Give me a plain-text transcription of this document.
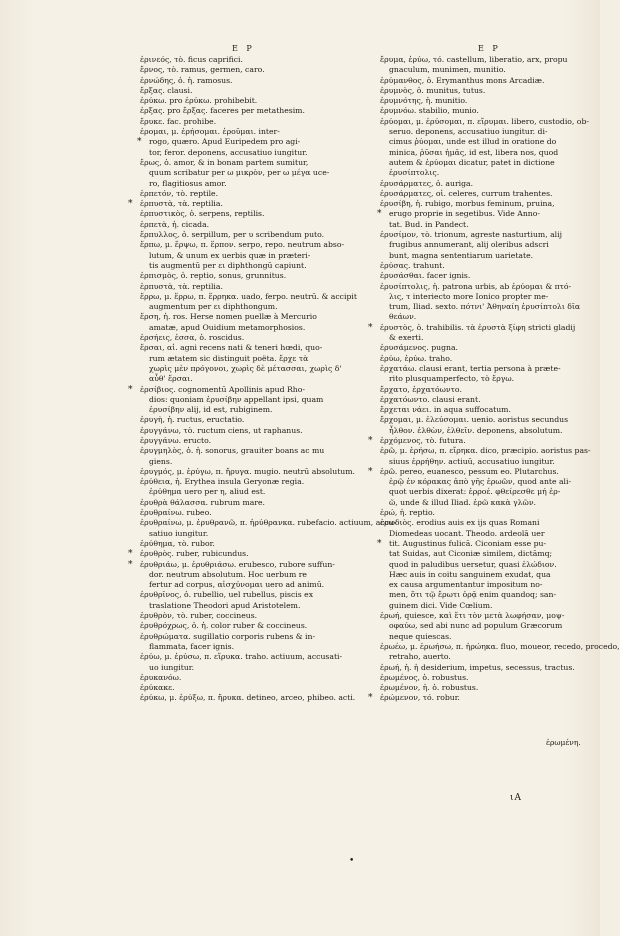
E P	E P
ἐρινεός, τὸ. ficus caprifici.
ἔρνος, τὸ. ramus, germen, caro.
ἐρνώδης, ὁ. ἡ. ramosus.
ἔρξας. clausi.
ἐρύκω. pro ἐρύκω. prohibebit.
ἐρξας. pro ἔρξας. faceres per metathesim.
ἔρυκε. fac. prohibe.
ἐρομαι, μ. ἐρήσομαι. ἐροῦμαι. inter-
* rogo, quæro. Apud Euripedem pro agi-
tor, feror. deponens, accusatiuo iungitur.
ἔρως, ὁ. amor, & in bonam partem sumitur,
quum scribatur per ω μικρὸν, per ω μέγα uce-
ro, flagitiosus amor.
ἑρπετόν, τὸ. reptile.
* ἑρπυστὰ, τὰ. reptilia.
ἑρπυστικὸς, ὁ. serpens, reptilis.
ἑρπετὰ, ἡ. cicada.
ἕρπυλλος, ὁ. serpillum, per υ scribendum puto.
ἕρπω, μ. ἕρψω, π. ἕρπον. serpo, repo. neutrum abso-
lutum, & unum ex uerbis quæ in præteri-
tis augmentū per ει diphthongū capiunt.
ἐρπισμὸς, ὁ. reptio, sonus, grunnitus.
ἑρπυστὰ, τὰ. reptilia.
ἕρρω, μ. ἕρρω, π. ἕρρηκα. uado, ferpo. neutrū. & accipit
augmentum per ει diphthongum.
ἕρση, ἡ. ros. Herse nomen puellæ à Mercurio
amatæ, apud Ouidium metamorphosios.
ἐρσήεις, ἐσσα, ὁ. roscidus.
ἕρσαι, αἱ. agni recens nati & teneri hœdi, quo-
rum ætatem sic distinguit poëta. ἔρχε τὰ
χωρὶς μὲν πρόγονοι, χωρὶς δὲ μέτασσαι, χωρὶς δ'
αὖθ' ἕρσαι.
* ἐρσίβιος. cognomentū Apollinis apud Rho-
dios: quoniam ἐρυσίβην appellant ipsi, quam
ἐρυσίβην alij, id est, rubiginem.
ἐρυγὴ, ἡ. ructus, eructatio.
ἐρυγγάνω, τὸ. ructum ciens, ut raphanus.
ἐρυγγάνω. eructo.
ἐρυγμηλὸς, ὁ. ἡ. sonorus, grauiter boans ac mu
giens.
ἐρυγμός, μ. ἐρύγω, π. ἤρυγα. mugio. neutrū absolutum.
ἐρύθεια, ἡ. Erythea insula Geryonæ regia.
ἐρύθημα uero per η, aliud est.
ἐρυθρὰ θάλασσα. rubrum mare.
ἐρυθραίνω. rubeo.
ἐρυθραίνω, μ. ἐρυθρανῶ, π. ἠρύθρανκα. rubefacio. actiuum, accu-
satiuo iungitur.
ἐρύθημα, τὸ. rubor.
* ἐρυθρὸς. ruber, rubicundus.
* ἐρυθριάω, μ. ἐρυθριάσω. erubesco, rubore suffun-
dor. neutrum absolutum. Hoc uerbum re
fertur ad corpus, αἰσχύνομαι uero ad animū.
ἐρυθρῖνος, ὁ. rubellio, uel rubellus, piscis ex
traslatione Theodori apud Aristotelem.
ἐρυθρὸν, τὸ. ruber, coccineus.
ἐρυθρόχρως, ὁ. ἡ. color ruber & coccineus.
ἐρυθρώματα. sugillatio corporis rubens & in-
flammata, facer ignis.
ἐρύω, μ. ἐρύσω, π. εἴρυκα. traho. actiuum, accusati-
uo iungitur.
ἐρυκανόω.
ἐρύκακε.
ἐρύκω, μ. ἐρύξω, π. ἤρυκα. detineo, arceo, phibeo. acti.
ἔρυμα, ἐρύω, τό. castellum, liberatio, arx, propu
gnaculum, munimen, munitio.
ἐρύμανθος, ὁ. Erymanthus mons Arcadiæ.
ἐρυμνὸς, ὁ. munitus, tutus.
ἐρυμνότης, ἡ. munitio.
ἐρυμνόω. stabilio, munio.
ἐρύομαι, μ. ἐρύσομαι, π. εἴρυμαι. libero, custodio, ob-
seruo. deponens, accusatiuo iungitur. di-
cimus ῥύομαι, unde est illud in oratione do
minica, ῥῦσαι ἡμᾶς, id est, libera nos, quod
autem & ἐρύομαι dicatur, patet in dictione
ἐρυσίπτολις.
ἐρυσάρματες, ὁ. auriga.
ἐρυσάρματες, οἱ. celeres, currum trahentes.
ἐρυσίβη, ἡ. rubigo, morbus feminum, pruina,
* erugo proprie in segetibus. Vide Anno-
tat. Bud. in Pandect.
ἐρυσίμον, τὸ. trionum, agreste nasturtium, alij
frugibus annumerant, alij oleribus adscri
bunt, magna sententiarum uarietate.
ἐρύσας. trahunt.
ἐρυσάσθαι. facer ignis.
ἐρυσίπτολις, ἡ. patrona urbis, ab ἐρύομαι & πτό-
λις, τ interiecto more Ionico propter me-
trum, Iliad. sexto. πότνι' Ἀθηναίη ἐρυσίπτολι δῖα
θεάων.
* ἐρυστὸς, ὁ. trahibilis. τὰ ἐρυστὰ ξίφη stricti gladij
& exerti.
ἐρυσάμενος. pugna.
ἐρύω, ἐρύω. traho.
ἐρχατάω. clausi erant, tertia persona à præte-
rito plusquamperfecto, τὸ ἔργω.
ἔρχατο, ἐρχατόωντο.
ἐρχατόωντο. clausi erant.
ἔρχεται νάει. in aqua suffocatum.
ἔρχομαι, μ. ἐλεύσομαι. uenio. aoristus secundus
ἦλθον. ἐλθὼν, ἐλθεῖν. deponens, absolutum.
* ἐρχόμενος, τὸ. futura.
ἐρῶ, μ. ἐρήσω, π. εἴρηκα. dico, præcipio. aoristus pas-
siuus ἐρρήθην. actiuū, accusatiuo iungitur.
* ἐρῶ. pereo, euanesco, pessum eo. Plutarchus.
ἐρῷ ἐν κόρακας ἀπὸ γῆς ἐρωῶν, quod ante ali-
quot uerbis dixerat: ἐρροέ. φθείρεσθε μή ἐρ-
ῶ, unde & illud Iliad. ἐρῶ κακὰ γλῶν.
ἐρώ, ἡ. reptio.
ἐρωδιὸς. erodius auis ex ijs quas Romani
Diomedeas uocant. Theodo. ardeolā uer
* tit. Augustinus fulicā. Ciconiam esse pu-
tat Suidas, aut Ciconiæ similem, dictāmq;
quod in paludibus uersetur, quasi ἑλώδιον.
Hæc auis in coitu sanguinem exudat, qua
ex causa argumentantur impositum no-
men, ὅτι τῷ ἔρωτι ὀρᾷ enim quandoq; san-
guinem dici. Vide Cœlium.
ἐρωή, quiesce, καὶ ἔτι τὸν μετὰ λωφήσαν, μοψ-
οφαύω, sed abi nunc ad populum Græcorum
neque quiescas.
ἐρωέω, μ. ἐρωήσω, π. ἠρώηκα. fluo, moueor, recedo, procedo,
retraho, auerto.
ἐρωή, ἡ. ἡ desiderium, impetus, secessus, tractus.
ἐρωμένος, ὁ. robustus.
ἐρωμένον, ἡ. ὁ. robustus.
* ἐρώμενον, τό. robur.
ἐρωμένη.
ιΑ
•
